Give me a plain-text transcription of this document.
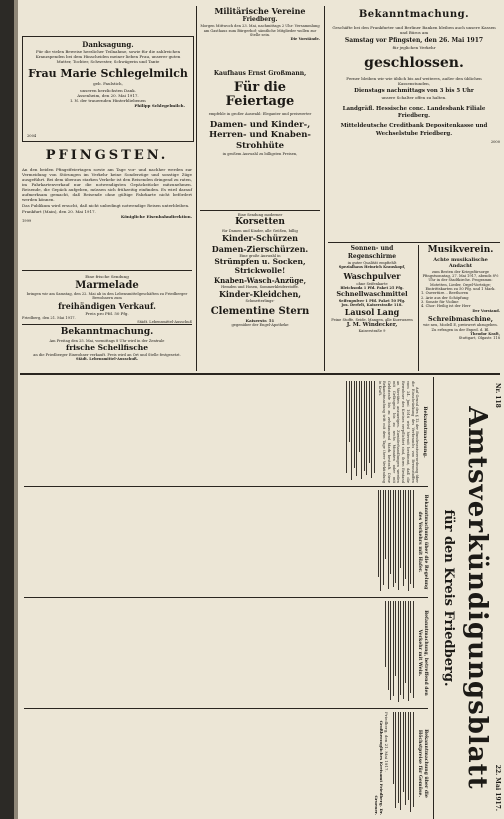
Danksagung.
Für die vielen Beweise herzlicher Teilnahme, sowie für die zahlreichen Kranzspenden bei dem Hinscheiden meiner lieben Frau, unserer guten Mutter, Tochter, Schwester, Schwägerin und Tante
Frau Marie Schlegelmilch
geb. Faulstich,
unseren herzlichsten Dank.
Assenheim, den 20. Mai 1917.
I. N. der trauernden Hinterbliebenen
Philipp Schlegelmilch.
2004
PFINGSTEN.
An den beiden Pfingstfeiertagen sowie am Tage vor- und nachher werden zur Vermeidung von Störungen im Verkehr keine Sonderzüge und sonstige Züge ausgeführt. Bei dem überaus starken Verkehr ist den Reisenden dringend zu raten, im Fahrkartenverkauf nur die notwendigsten Gepäckstücke mitzunehmen. Reisende, die Gepäck aufgeben, müssen sich frühzeitig einfinden. Es wird darauf aufmerksam gemacht, daß Reisende ohne gültige Fahrkarte nicht befördert werden können.
Das Publikum wird ersucht, daß nicht unbedingt notwendige Reisen unterbleiben.
Frankfurt (Main), den 20. Mai 1917.
Königliche Eisenbahndirektion.
1999
Eine frische Sendung
Marmelade
bringen wir am Samstag, den 22. Mai ab in den Lebensmittelgeschäften zu Friedberger Bewohnern zum
freihändigen Verkauf.
Preis pro Pfd. 50 Pfg.
Friedberg, den 21. Mai 1917.
Städt. Lebensmittel-Ausschuß
Bekanntmachung.
Am Freitag den 25. Mai, vormittags 8 Uhr wird in der Zentrale
frische Schellfische
an die Friedberger Einwohner verkauft. Preis wird an Ort und Stelle festgesetzt.
Städt. Lebensmittel-Ausschuß.
Militärische Vereine
Friedberg.
Morgen Mittwoch den 23. Mai, nachmittags 2 Uhr: Versammlung am Gasthaus zum Bürgerhof; sämtliche Mitglieder wollen zur Stelle sein.
Die Vorstände.
Kaufhaus Ernst Großmann,
Für die Feiertage
empfehle in großer Auswahl: Eleganter und preiswerter
Damen- und Kinder-, Herren- und Knaben- Strohhüte
in großem Auswahl zu billigsten Preisen,
Eine Sendung moderner
Korsetten
für Damen und Kinder, alle Größen, billig
Kinder-Schürzen
Damen-Zierschürzen.
Eine große Auswahl in
Strümpfen u. Socken, Strickwolle!
Knaben-Wasch-Anzüge,
Hemden und Hosen, Sommerkleiderstoffe.
Kinder-Kleidchen,
Schmetterlings-
Clementine Stern
Kaiserstr. 51
gegenüber der Engel-Apotheke
Bekanntmachung.
Geschäfte bei den Frankfurter und Berliner Banken bleiben auch unsere Kassen und Büros am
Samstag vor Pfingsten, den 26. Mai 1917
für jeglichen Verkehr
geschlossen.
Ferner bleiben wir wie üblich bis auf weiteres, außer den üblichen Kassenstunden,
Dienstags nachmittags von 3 bis 5 Uhr
unsere Schalter offen zu halten.
Landgräfl. Hessische conc. Landesbank Filiale Friedberg.
Mitteldeutsche Creditbank Depositenkasse und Wechselstube Friedberg.
2000
Sonnen- und Regenschirme
in guter Qualität empfiehlt
Spezialhaus Heinrich Krauskopf,
Waschpulver
ohne Seifenkarte
Bleichsoda 1 Pfd. Paket 25 Pfg.
Schnellwaschmittel
Seifenpulver 1 Pfd. Paket 50 Pfg.
Jos. Derfelt, Kaiserstraße 118.
Lausol Lang
Feine Stoffe, Seide, Mangen, alle Kurzwaren
J. M. Windecker,
Kaiserstraße 9
Musikverein.
Achte musikalische Andacht
zum Besten der Kriegsfürsorge
Pfingstsonntag, 27. Mai 1917, abends 8½ Uhr in der Stadtkirche. Programm: Motetten, Lieder, Orgel-Vorträge; Eintrittskarten zu 50 Pfg. und 1 Mark.
1. Ouvertüre... Beethoven
2. Arie aus der Schöpfung
3. Sonate für Violine
4. Chor: Heilig ist der Herr
Der Vorstand.
Schreibmaschine,
wie neu, Modell E, preiswert abzugeben. Zu erfragen in der Exped. d. Bl.
Theodor Kraft,
Stuttgart, Olgastr. 118
Nr. 118
22. Mai 1917.
Amtsverkündigungsblatt
für den Kreis Friedberg.
Bekanntmachung.

Auf Grund des § 12 der Bundesratsverordnung über die Einschränkung des Verbrauchs von Brennstoffen vom 24. Juni 1916 wird hiermit bestimmt, daß die Bewohner des Kreises verpflichtet sind, ihren Bestand an Vorräten anzuzeigen. Zuwiderhandlungen werden mit Gefängnis bis zu sechs Monaten oder mit Geldstrafe bis zu zehntausend Mark bestraft. Diese Bekanntmachung tritt mit dem Tage ihrer Verkündung in Kraft.

Bekanntmachung über die Regelung des Verkehrs mit Hafer.
Befanntmachung, betreffend den Verkehr mit Wein.
Bekanntmachung über die Höchstpreise für Gemüse.
Friedberg, den 21. Mai 1917.
Großherzogliches Kreisamt Friedberg. Dr. Gruener.
